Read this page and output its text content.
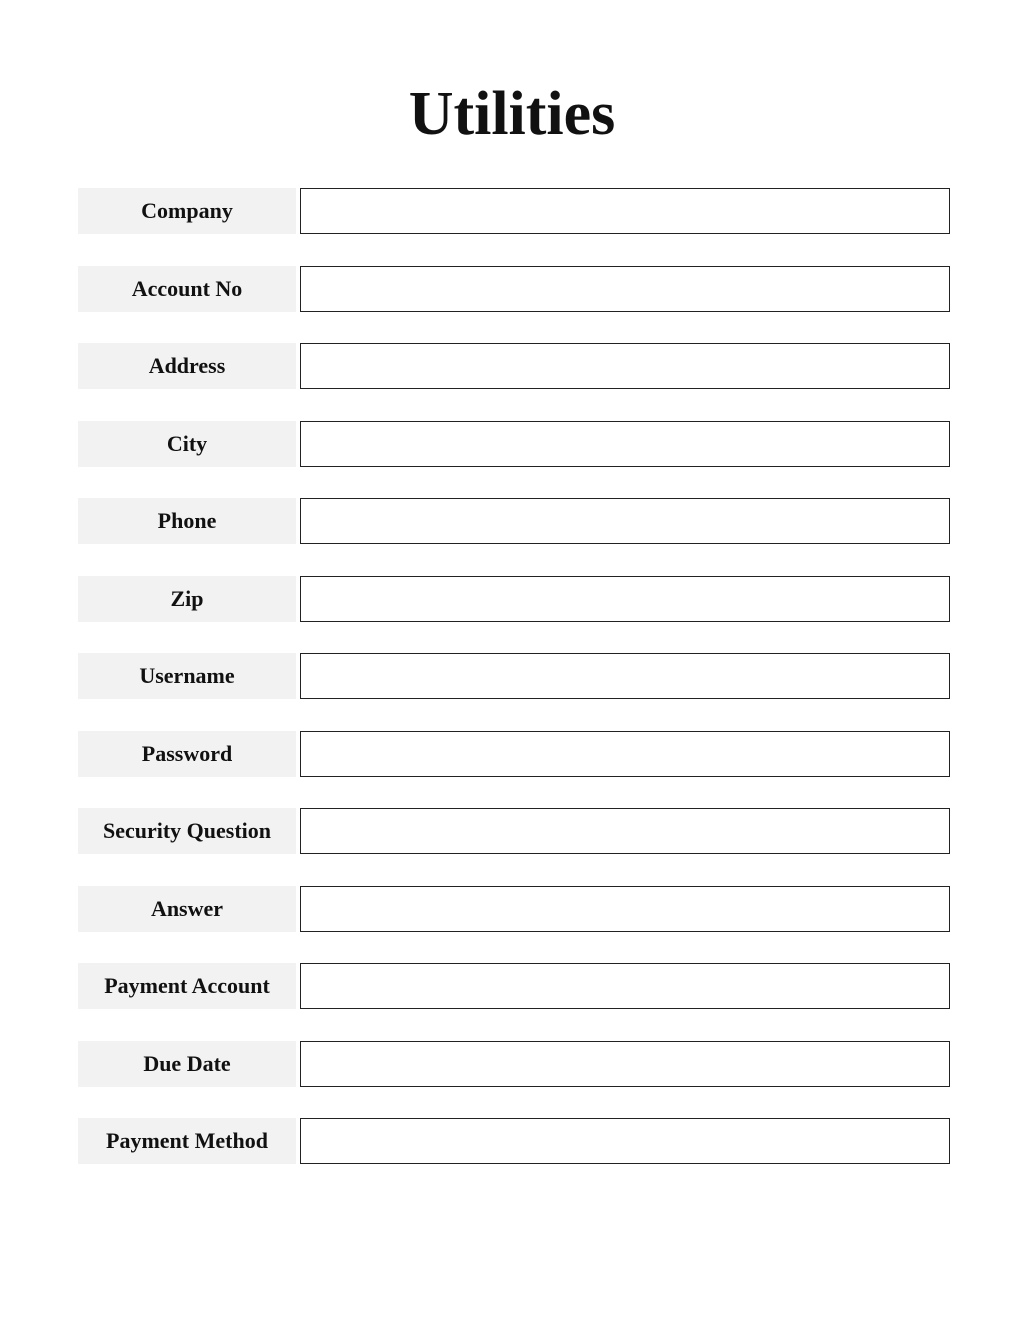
Utilities
Company
Account No
Address
City
Phone
Zip
Username
Password
Security Question
Answer
Payment Account
Due Date
Payment Method
